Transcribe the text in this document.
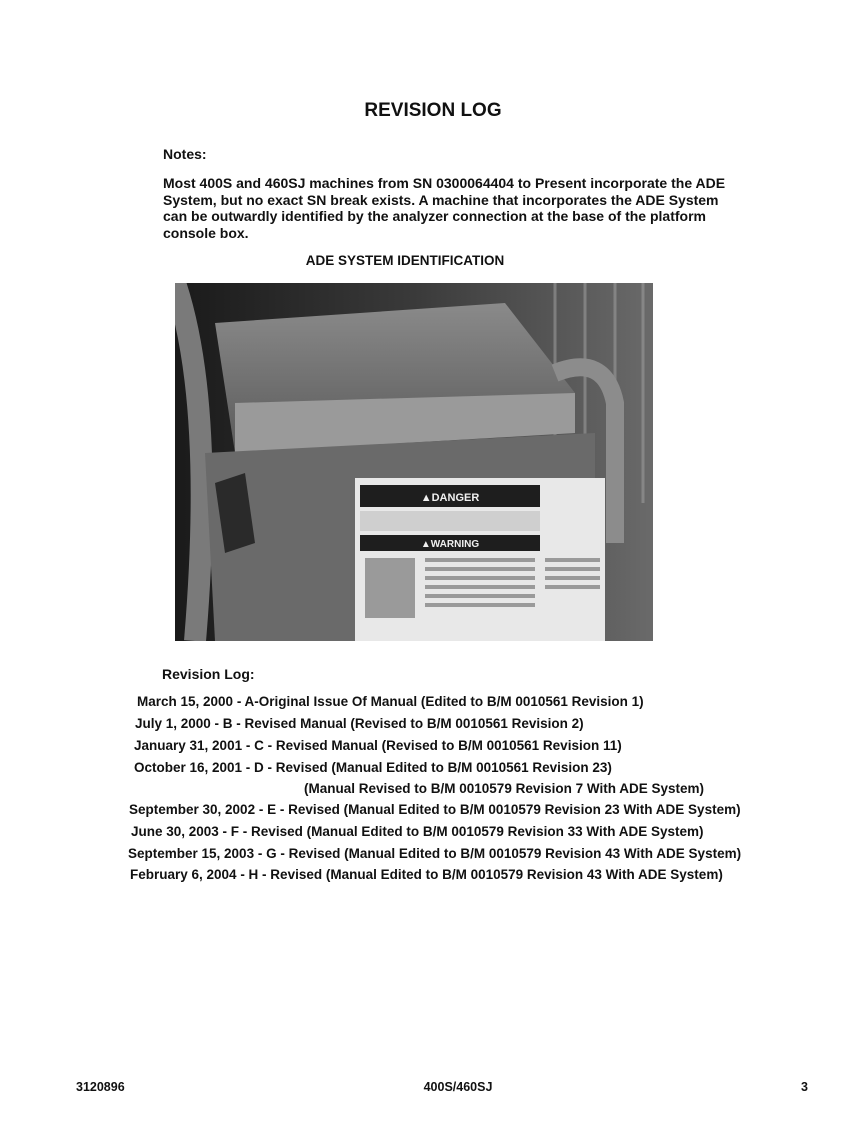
REVISION LOG
Notes:
Most 400S and 460SJ machines from SN 0300064404 to Present incorporate the ADE System, but no exact SN break exists. A machine that incorporates the ADE System can be outwardly identified by the analyzer connection at the base of the platform console box.
ADE SYSTEM IDENTIFICATION
▲DANGER
▲WARNING
Revision Log:
March 15, 2000 - A-Original Issue Of Manual (Edited to B/M 0010561 Revision 1)
July 1, 2000 - B - Revised Manual (Revised to B/M 0010561 Revision 2)
January 31, 2001 - C - Revised Manual (Revised to B/M 0010561 Revision 11)
October 16, 2001 - D - Revised (Manual Edited to B/M 0010561 Revision 23)
(Manual Revised to B/M 0010579 Revision 7 With ADE System)
September 30, 2002 - E - Revised (Manual Edited to B/M 0010579 Revision 23 With ADE System)
June 30, 2003 - F - Revised (Manual Edited to B/M 0010579 Revision 33 With ADE System)
September 15, 2003 - G - Revised (Manual Edited to B/M 0010579 Revision 43 With ADE System)
February 6, 2004 - H - Revised (Manual Edited to B/M 0010579 Revision 43 With ADE System)
3120896	400S/460SJ	3
